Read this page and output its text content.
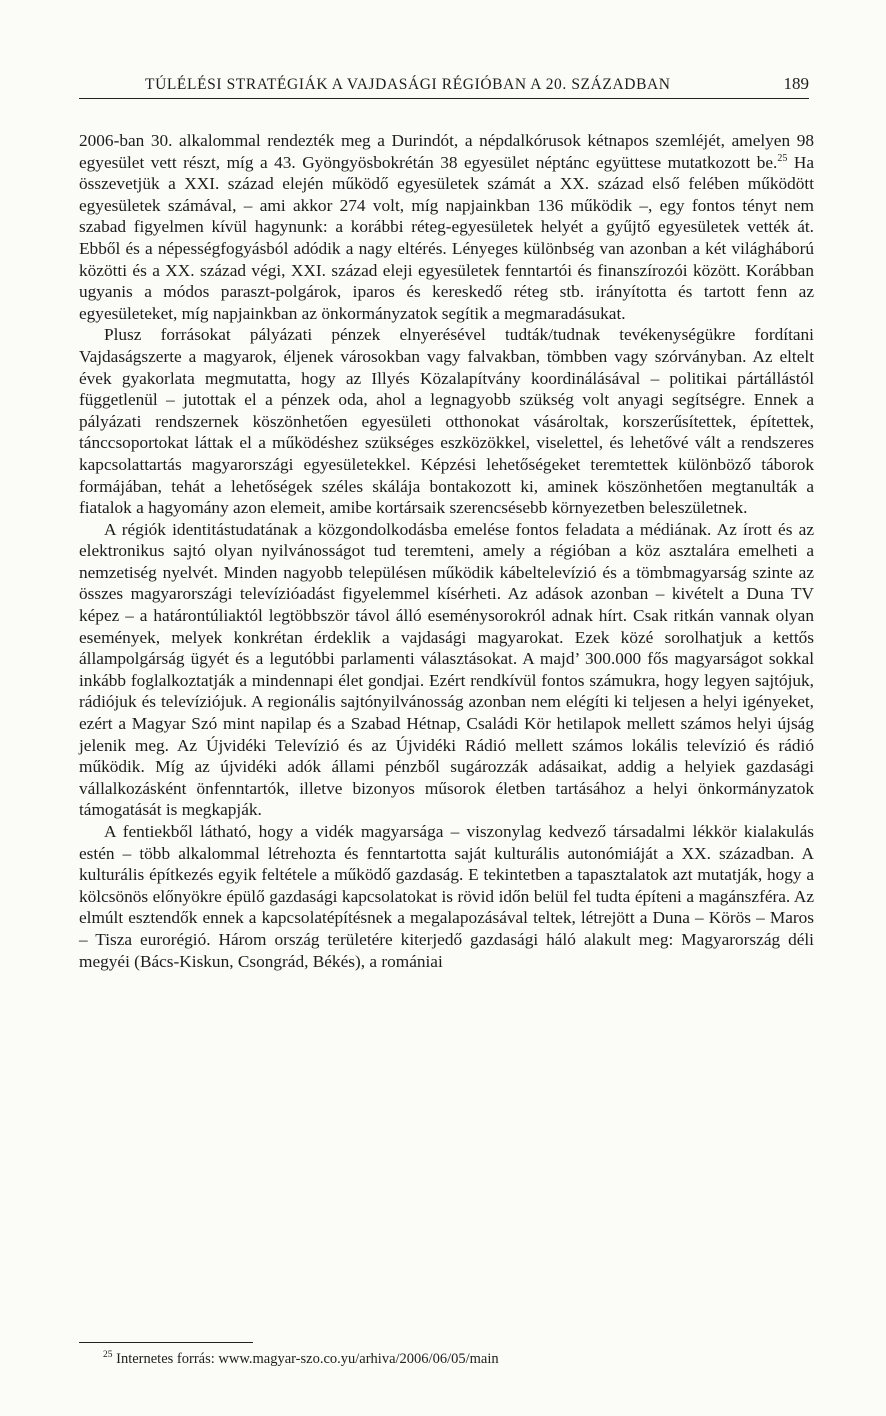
TÚLÉLÉSI STRATÉGIÁK A VAJDASÁGI RÉGIÓBAN A 20. SZÁZADBAN	189

2006-ban 30. alkalommal rendezték meg a Durindót, a népdalkórusok kétnapos szemléjét, amelyen 98 egyesület vett részt, míg a 43. Gyöngyösbokrétán 38 egyesület néptánc együttese mutatkozott be.$^{25}$ Ha összevetjük a XXI. század elején működő egyesületek számát a XX. század első felében működött egyesületek számával, – ami akkor 274 volt, míg napjainkban 136 működik –, egy fontos tényt nem szabad figyelmen kívül hagynunk: a korábbi réteg-egyesületek helyét a gyűjtő egyesületek vették át. Ebből és a népességfogyásból adódik a nagy eltérés. Lényeges különbség van azonban a két világháború közötti és a XX. század végi, XXI. század eleji egyesületek fenntartói és finanszírozói között. Korábban ugyanis a módos paraszt-polgárok, iparos és kereskedő réteg stb. irányította és tartott fenn az egyesületeket, míg napjainkban az önkormányzatok segítik a megmaradásukat.

Plusz forrásokat pályázati pénzek elnyerésével tudták/tudnak tevékenységükre fordítani Vajdaságszerte a magyarok, éljenek városokban vagy falvakban, tömbben vagy szórványban. Az eltelt évek gyakorlata megmutatta, hogy az Illyés Közalapítvány koordinálásával – politikai pártállástól függetlenül – jutottak el a pénzek oda, ahol a legnagyobb szükség volt anyagi segítségre. Ennek a pályázati rendszernek köszönhetően egyesületi otthonokat vásároltak, korszerűsítettek, építettek, tánccsoportokat láttak el a működéshez szükséges eszközökkel, viselettel, és lehetővé vált a rendszeres kapcsolattartás magyarországi egyesületekkel. Képzési lehetőségeket teremtettek különböző táborok formájában, tehát a lehetőségek széles skálája bontakozott ki, aminek köszönhetően megtanulták a fiatalok a hagyomány azon elemeit, amibe kortársaik szerencsésebb környezetben beleszületnek.

A régiók identitástudatának a közgondolkodásba emelése fontos feladata a médiának. Az írott és az elektronikus sajtó olyan nyilvánosságot tud teremteni, amely a régióban a köz asztalára emelheti a nemzetiség nyelvét. Minden nagyobb településen működik kábeltelevízió és a tömbmagyarság szinte az összes magyarországi televízióadást figyelemmel kísérheti. Az adások azonban – kivételt a Duna TV képez – a határontúliaktól legtöbbször távol álló eseménysorokról adnak hírt. Csak ritkán vannak olyan események, melyek konkrétan érdeklik a vajdasági magyarokat. Ezek közé sorolhatjuk a kettős állampolgárság ügyét és a legutóbbi parlamenti választásokat. A majd’ 300.000 fős magyarságot sokkal inkább foglalkoztatják a mindennapi élet gondjai. Ezért rendkívül fontos számukra, hogy legyen sajtójuk, rádiójuk és televíziójuk. A regionális sajtónyilvánosság azonban nem elégíti ki teljesen a helyi igényeket, ezért a Magyar Szó mint napilap és a Szabad Hétnap, Családi Kör hetilapok mellett számos helyi újság jelenik meg. Az Újvidéki Televízió és az Újvidéki Rádió mellett számos lokális televízió és rádió működik. Míg az újvidéki adók állami pénzből sugározzák adásaikat, addig a helyiek gazdasági vállalkozásként önfenntartók, illetve bizonyos műsorok életben tartásához a helyi önkormányzatok támogatását is megkapják.

A fentiekből látható, hogy a vidék magyarsága – viszonylag kedvező társadalmi lékkör kialakulás estén – több alkalommal létrehozta és fenntartotta saját kulturális autonómiáját a XX. században. A kulturális építkezés egyik feltétele a működő gazdaság. E tekintetben a tapasztalatok azt mutatják, hogy a kölcsönös előnyökre épülő gazdasági kapcsolatokat is rövid időn belül fel tudta építeni a magánszféra. Az elmúlt esztendők ennek a kapcsolatépítésnek a megalapozásával teltek, létrejött a Duna – Körös – Maros – Tisza eurorégió. Három ország területére kiterjedő gazdasági háló alakult meg: Magyarország déli megyéi (Bács-Kiskun, Csongrád, Békés), a romániai

$^{25}$ Internetes forrás: www.magyar-szo.co.yu/arhiva/2006/06/05/main
